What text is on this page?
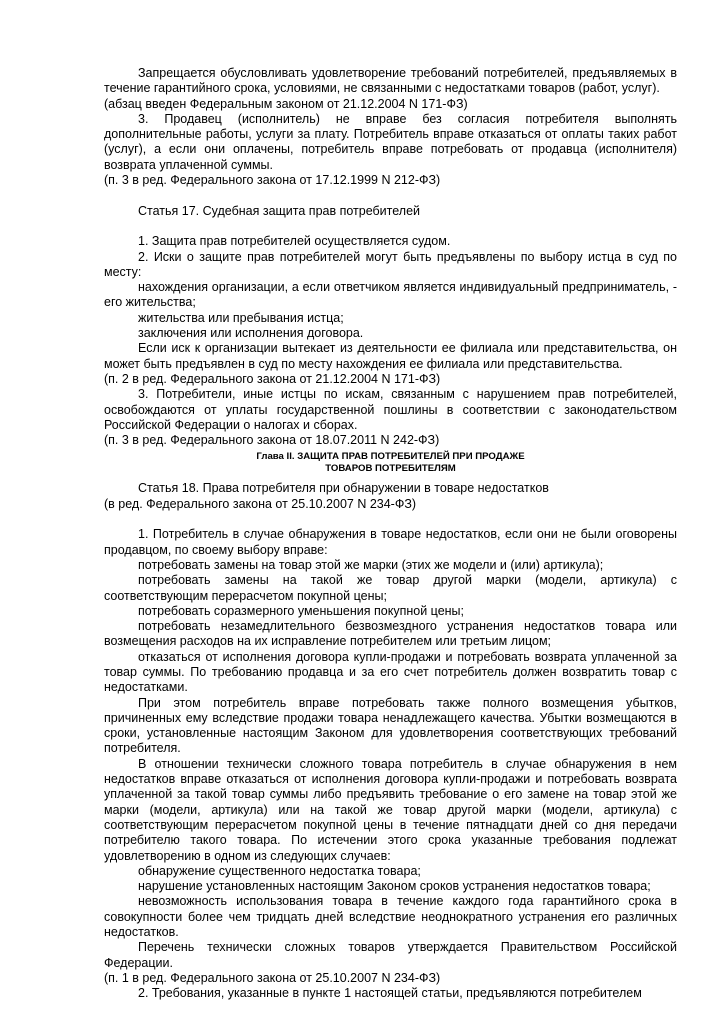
Запрещается обусловливать удовлетворение требований потребителей, предъявляемых в течение гарантийного срока, условиями, не связанными с недостатками товаров (работ, услуг).

(абзац введен Федеральным законом от 21.12.2004 N 171-ФЗ)

3. Продавец (исполнитель) не вправе без согласия потребителя выполнять дополнительные работы, услуги за плату. Потребитель вправе отказаться от оплаты таких работ (услуг), а если они оплачены, потребитель вправе потребовать от продавца (исполнителя) возврата уплаченной суммы.

(п. 3 в ред. Федерального закона от 17.12.1999 N 212-ФЗ)

Статья 17. Судебная защита прав потребителей

1. Защита прав потребителей осуществляется судом.

2. Иски о защите прав потребителей могут быть предъявлены по выбору истца в суд по месту:

нахождения организации, а если ответчиком является индивидуальный предприниматель, - его жительства;

жительства или пребывания истца;

заключения или исполнения договора.

Если иск к организации вытекает из деятельности ее филиала или представительства, он может быть предъявлен в суд по месту нахождения ее филиала или представительства.

(п. 2 в ред. Федерального закона от 21.12.2004 N 171-ФЗ)

3. Потребители, иные истцы по искам, связанным с нарушением прав потребителей, освобождаются от уплаты государственной пошлины в соответствии с законодательством Российской Федерации о налогах и сборах.

(п. 3 в ред. Федерального закона от 18.07.2011 N 242-ФЗ)

Глава II. ЗАЩИТА ПРАВ ПОТРЕБИТЕЛЕЙ ПРИ ПРОДАЖЕ
ТОВАРОВ ПОТРЕБИТЕЛЯМ

Статья 18. Права потребителя при обнаружении в товаре недостатков

(в ред. Федерального закона от 25.10.2007 N 234-ФЗ)

1. Потребитель в случае обнаружения в товаре недостатков, если они не были оговорены продавцом, по своему выбору вправе:

потребовать замены на товар этой же марки (этих же модели и (или) артикула);

потребовать замены на такой же товар другой марки (модели, артикула) с соответствующим перерасчетом покупной цены;

потребовать соразмерного уменьшения покупной цены;

потребовать незамедлительного безвозмездного устранения недостатков товара или возмещения расходов на их исправление потребителем или третьим лицом;

отказаться от исполнения договора купли-продажи и потребовать возврата уплаченной за товар суммы. По требованию продавца и за его счет потребитель должен возвратить товар с недостатками.

При этом потребитель вправе потребовать также полного возмещения убытков, причиненных ему вследствие продажи товара ненадлежащего качества. Убытки возмещаются в сроки, установленные настоящим Законом для удовлетворения соответствующих требований потребителя.

В отношении технически сложного товара потребитель в случае обнаружения в нем недостатков вправе отказаться от исполнения договора купли-продажи и потребовать возврата уплаченной за такой товар суммы либо предъявить требование о его замене на товар этой же марки (модели, артикула) или на такой же товар другой марки (модели, артикула) с соответствующим перерасчетом покупной цены в течение пятнадцати дней со дня передачи потребителю такого товара. По истечении этого срока указанные требования подлежат удовлетворению в одном из следующих случаев:

обнаружение существенного недостатка товара;

нарушение установленных настоящим Законом сроков устранения недостатков товара;

невозможность использования товара в течение каждого года гарантийного срока в совокупности более чем тридцать дней вследствие неоднократного устранения его различных недостатков.

Перечень технически сложных товаров утверждается Правительством Российской Федерации.

(п. 1 в ред. Федерального закона от 25.10.2007 N 234-ФЗ)

2. Требования, указанные в пункте 1 настоящей статьи, предъявляются потребителем
